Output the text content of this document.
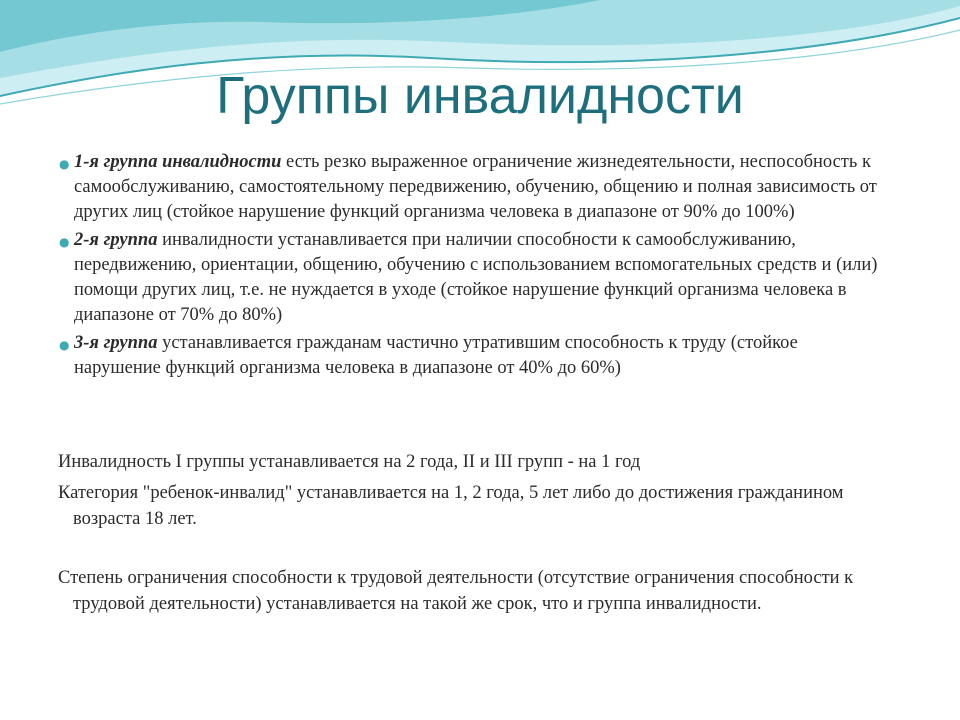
Группы инвалидности
● 1-я группа инвалидности есть резко выраженное ограничение жизнедеятельности, неспособность к самообслуживанию, самостоятельному передвижению, обучению, общению и полная зависимость от других лиц (стойкое нарушение функций организма человека в диапазоне от 90% до 100%)
● 2-я группа инвалидности устанавливается при наличии способности к самообслуживанию, передвижению, ориентации, общению, обучению с использованием вспомогательных средств и (или) помощи других лиц, т.е. не нуждается в уходе (стойкое нарушение функций организма человека в диапазоне от 70% до 80%)
● 3-я группа устанавливается гражданам частично утратившим способность к труду (стойкое нарушение функций организма человека в диапазоне от 40% до 60%)

Инвалидность I группы устанавливается на 2 года, II и III групп - на 1 год

Категория "ребенок-инвалид" устанавливается на 1, 2 года, 5 лет либо до достижения гражданином возраста 18 лет.

Степень ограничения способности к трудовой деятельности (отсутствие ограничения способности к трудовой деятельности) устанавливается на такой же срок, что и группа инвалидности.
